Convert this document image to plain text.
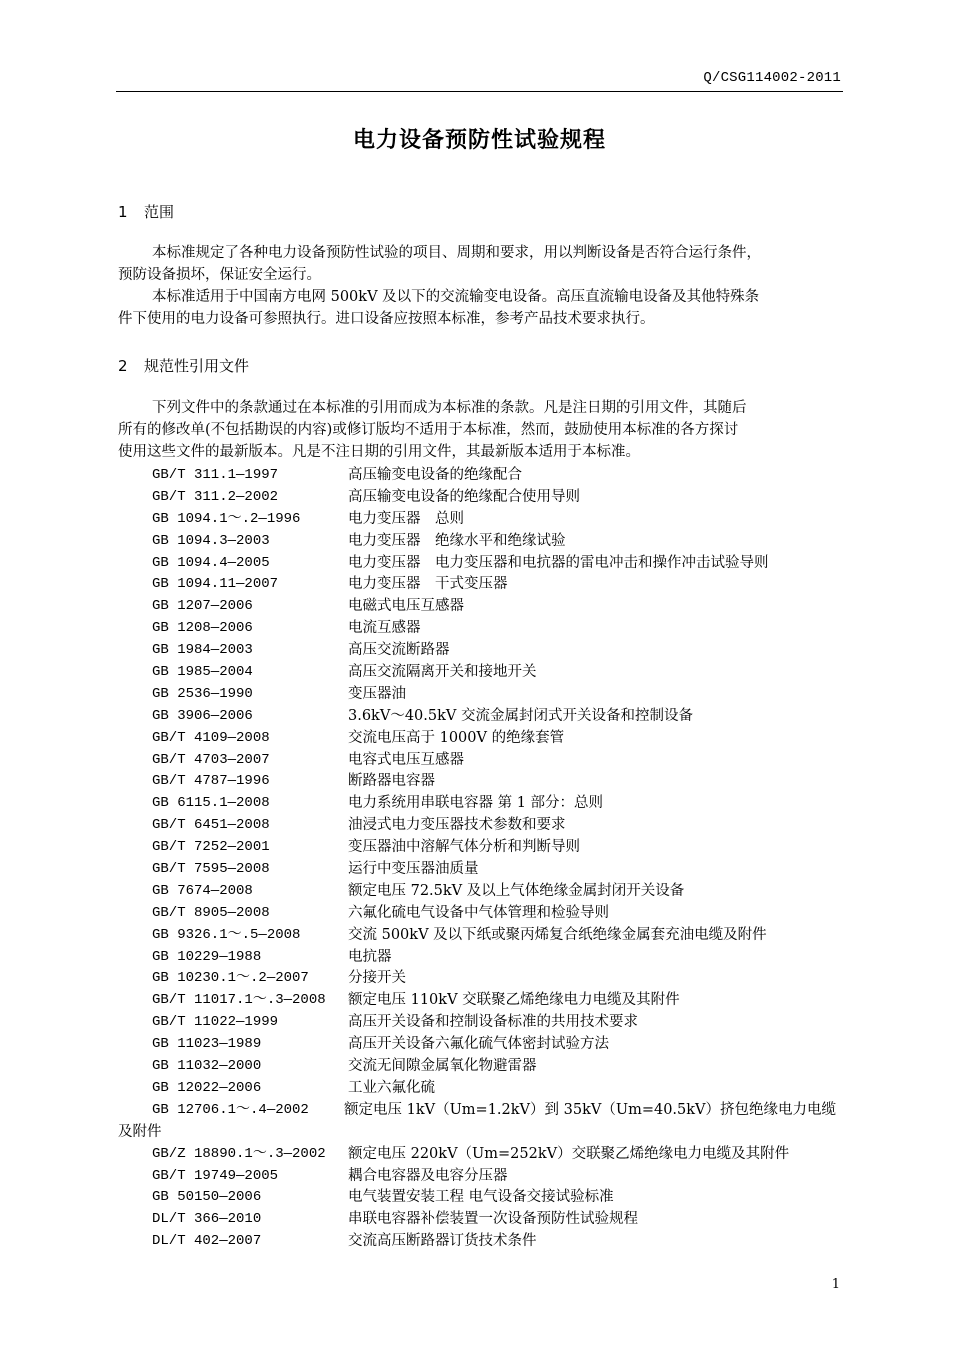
Q/CSG114002-2011
电力设备预防性试验规程
1 范围
本标准规定了各种电力设备预防性试验的项目、周期和要求，用以判断设备是否符合运行条件，
预防设备损坏，保证安全运行。
本标准适用于中国南方电网 500kV 及以下的交流输变电设备。高压直流输电设备及其他特殊条
件下使用的电力设备可参照执行。进口设备应按照本标准，参考产品技术要求执行。
2 规范性引用文件
下列文件中的条款通过在本标准的引用而成为本标准的条款。凡是注日期的引用文件，其随后
所有的修改单(不包括勘误的内容)或修订版均不适用于本标准，然而，鼓励使用本标准的各方探讨
使用这些文件的最新版本。凡是不注日期的引用文件，其最新版本适用于本标准。
GB/T 311.1—1997	高压输变电设备的绝缘配合
GB/T 311.2—2002	高压输变电设备的绝缘配合使用导则
GB 1094.1～.2—1996	电力变压器　总则
GB 1094.3—2003	电力变压器　绝缘水平和绝缘试验
GB 1094.4—2005	电力变压器　电力变压器和电抗器的雷电冲击和操作冲击试验导则
GB 1094.11—2007	电力变压器　干式变压器
GB 1207—2006	电磁式电压互感器
GB 1208—2006	电流互感器
GB 1984—2003	高压交流断路器
GB 1985—2004	高压交流隔离开关和接地开关
GB 2536—1990	变压器油
GB 3906—2006	3.6kV～40.5kV 交流金属封闭式开关设备和控制设备
GB/T 4109—2008	交流电压高于 1000V 的绝缘套管
GB/T 4703—2007	电容式电压互感器
GB/T 4787—1996	断路器电容器
GB 6115.1—2008	电力系统用串联电容器 第 1 部分：总则
GB/T 6451—2008	油浸式电力变压器技术参数和要求
GB/T 7252—2001	变压器油中溶解气体分析和判断导则
GB/T 7595—2008	运行中变压器油质量
GB 7674—2008	额定电压 72.5kV 及以上气体绝缘金属封闭开关设备
GB/T 8905—2008	六氟化硫电气设备中气体管理和检验导则
GB 9326.1～.5—2008	交流 500kV 及以下纸或聚丙烯复合纸绝缘金属套充油电缆及附件
GB 10229—1988	电抗器
GB 10230.1～.2—2007	分接开关
GB/T 11017.1～.3—2008 额定电压 110kV 交联聚乙烯绝缘电力电缆及其附件
GB/T 11022—1999	高压开关设备和控制设备标准的共用技术要求
GB 11023—1989	高压开关设备六氟化硫气体密封试验方法
GB 11032—2000	交流无间隙金属氧化物避雷器
GB 12022—2006	工业六氟化硫
GB 12706.1～.4—2002 额定电压 1kV（Um=1.2kV）到 35kV（Um=40.5kV）挤包绝缘电力电缆
及附件
GB/Z 18890.1～.3—2002 额定电压 220kV（Um=252kV）交联聚乙烯绝缘电力电缆及其附件
GB/T 19749—2005	耦合电容器及电容分压器
GB 50150—2006	电气装置安装工程 电气设备交接试验标准
DL/T 366—2010	串联电容器补偿装置一次设备预防性试验规程
DL/T 402—2007	交流高压断路器订货技术条件
1
